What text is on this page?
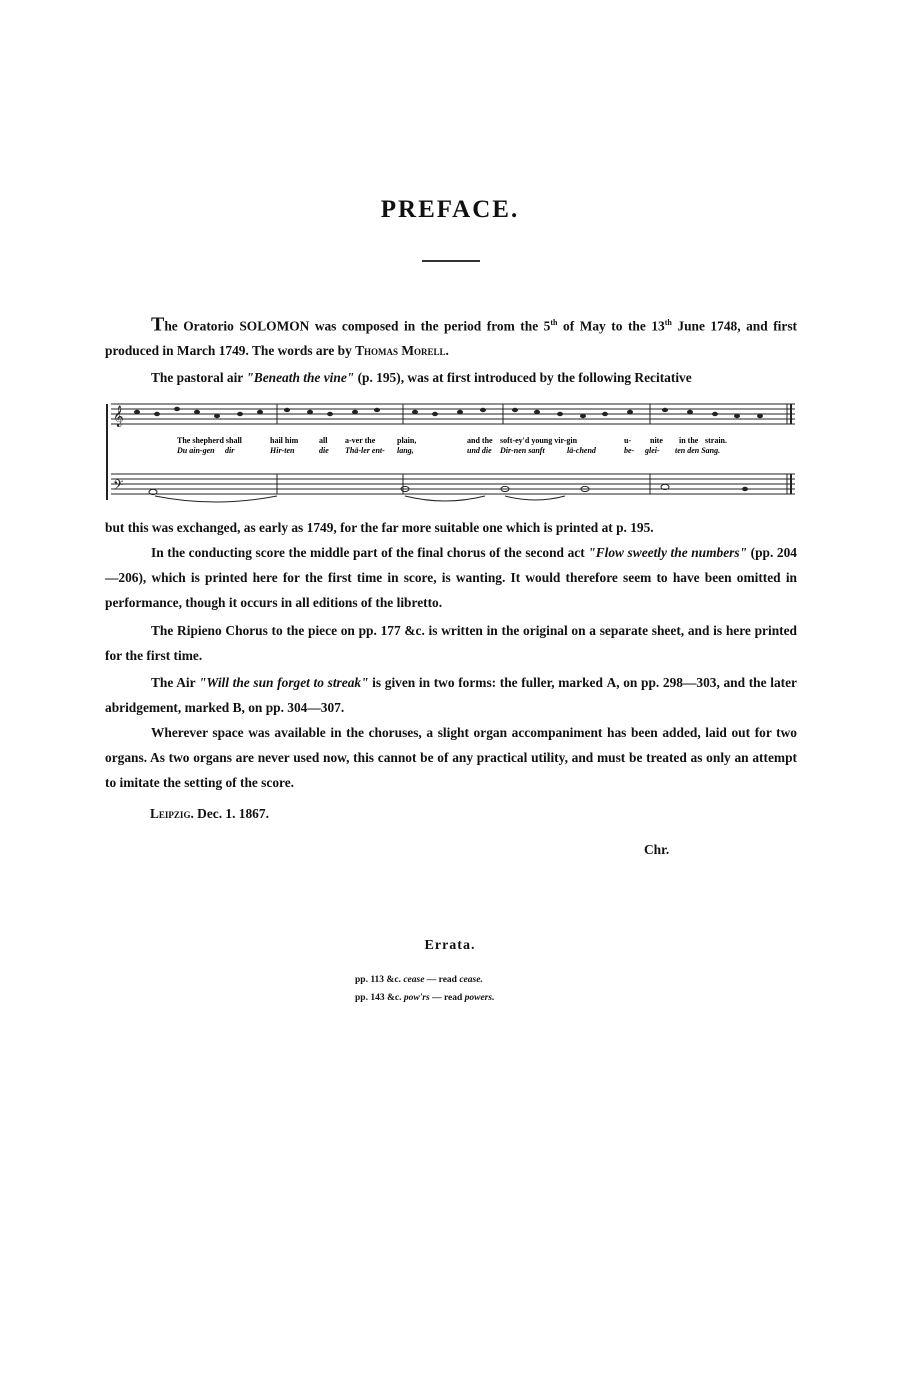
PREFACE.
The Oratorio SOLOMON was composed in the period from the 5th of May to the 13th June 1748, and first produced in March 1749. The words are by Thomas Morell.
The pastoral air "Beneath the vine" (p. 195), was at first introduced by the following Recitative
𝄞
𝄢
The shepherd shall	hail him	all a-ver the	plain,	and the soft-ey'd young vir-gin	u- nite in the strain.
Du ain-gen dir	Hir-ten	die Thä-ler ent- lang,	und die Dir-nen sanft	lä-chend	be- glei- ten den Sang.
but this was exchanged, as early as 1749, for the far more suitable one which is printed at p. 195.
In the conducting score the middle part of the final chorus of the second act "Flow sweetly the numbers" (pp. 204—206), which is printed here for the first time in score, is wanting. It would therefore seem to have been omitted in performance, though it occurs in all editions of the libretto.
The Ripieno Chorus to the piece on pp. 177 &c. is written in the original on a separate sheet, and is here printed for the first time.
The Air "Will the sun forget to streak" is given in two forms: the fuller, marked A, on pp. 298—303, and the later abridgement, marked B, on pp. 304—307.
Wherever space was available in the choruses, a slight organ accompaniment has been added, laid out for two organs. As two organs are never used now, this cannot be of any practical utility, and must be treated as only an attempt to imitate the setting of the score.
Leipzig. Dec. 1. 1867.
Chr.
Errata.
pp. 113 &c. cease — read cease.
pp. 143 &c. pow'rs — read powers.
